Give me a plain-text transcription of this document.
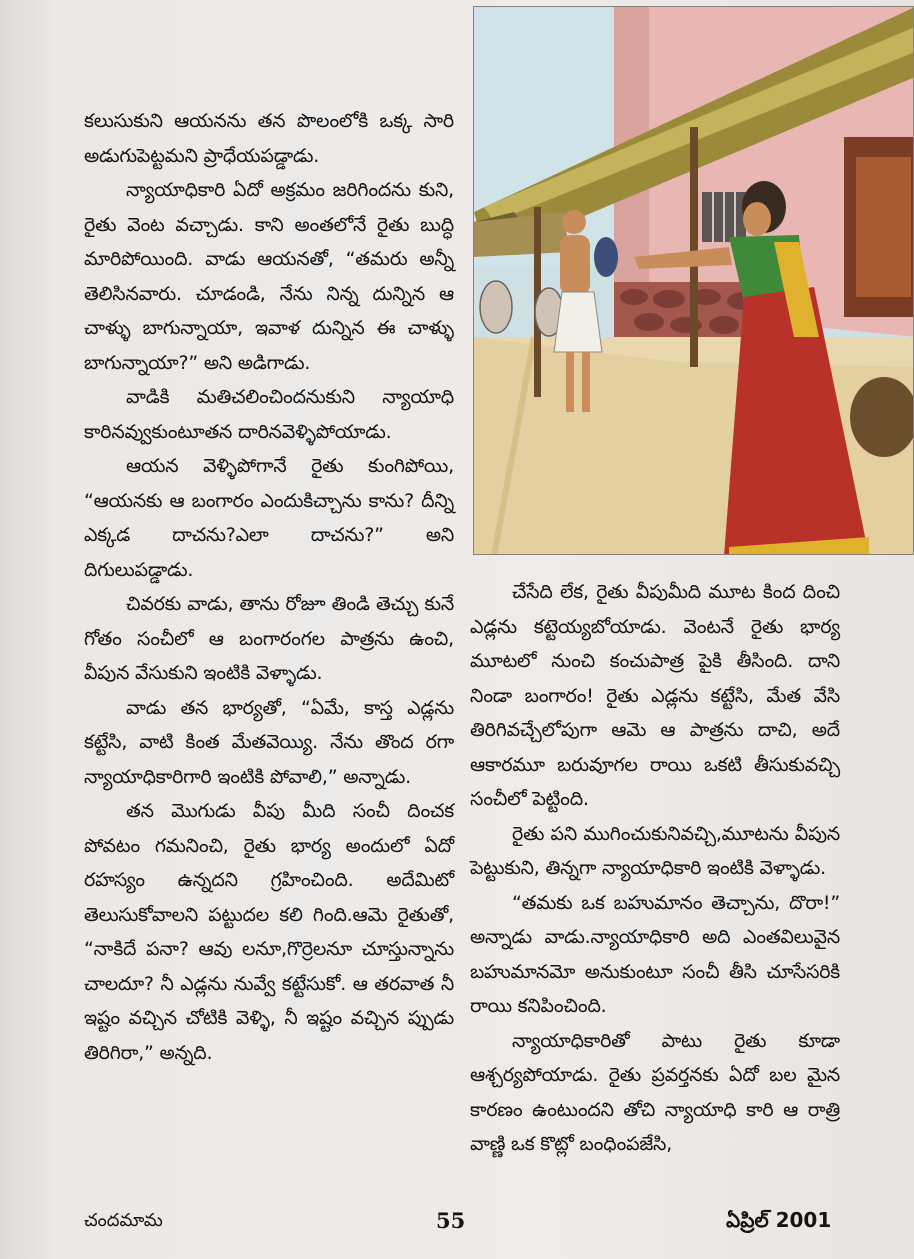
కలుసుకుని ఆయనను తన పొలంలోకి ఒక్క సారి అడుగుపెట్టమని ప్రాధేయపడ్డాడు.

న్యాయాధికారి ఏదో అక్రమం జరిగిందను కుని, రైతు వెంట వచ్చాడు. కాని అంతలోనే రైతు బుద్ధి మారిపోయింది. వాడు ఆయనతో, “తమరు అన్నీ తెలిసినవారు. చూడండి, నేను నిన్న దున్నిన ఆ చాళ్ళు బాగున్నాయా, ఇవాళ దున్నిన ఈ చాళ్ళు బాగున్నాయా?” అని అడిగాడు.

వాడికి మతిచలించిందనుకుని న్యాయాధి కారినవ్వుకుంటూతన దారినవెళ్ళిపోయాడు.

ఆయన వెళ్ళిపోగానే రైతు కుంగిపోయి, “ఆయనకు ఆ బంగారం ఎందుకిచ్చాను కాను? దీన్ని ఎక్కడ దాచను?ఎలా దాచను?” అని దిగులుపడ్డాడు.

చివరకు వాడు, తాను రోజూ తిండి తెచ్చు కునే గోతం సంచీలో ఆ బంగారంగల పాత్రను ఉంచి, వీపున వేసుకుని ఇంటికి వెళ్ళాడు.

వాడు తన భార్యతో, “ఏమే, కాస్త ఎడ్లను కట్టేసి, వాటి కింత మేతవెయ్యి. నేను తొంద రగా న్యాయాధికారిగారి ఇంటికి పోవాలి,” అన్నాడు.

తన మొగుడు వీపు మీది సంచీ దించక పోవటం గమనించి, రైతు భార్య అందులో ఏదో రహస్యం ఉన్నదని గ్రహించింది. అదేమిటో తెలుసుకోవాలని పట్టుదల కలి గింది.ఆమె రైతుతో, “నాకిదే పనా? ఆవు లనూ,గొర్రెలనూ చూస్తున్నాను చాలదూ? నీ ఎడ్లను నువ్వే కట్టేసుకో. ఆ తరవాత నీ ఇష్టం వచ్చిన చోటికి వెళ్ళి, నీ ఇష్టం వచ్చిన ప్పుడు తిరిగిరా,” అన్నది.

చేసేది లేక, రైతు వీపుమీది మూట కింద దించి ఎడ్లను కట్టెయ్యబోయాడు. వెంటనే రైతు భార్య మూటలో నుంచి కంచుపాత్ర పైకి తీసింది. దాని నిండా బంగారం! రైతు ఎడ్లను కట్టేసి, మేత వేసి తిరిగివచ్చేలోపుగా ఆమె ఆ పాత్రను దాచి, అదే ఆకారమూ బరువూగల రాయి ఒకటి తీసుకువచ్చి సంచీలో పెట్టింది.

రైతు పని ముగించుకునివచ్చి,మూటను వీపున పెట్టుకుని, తిన్నగా న్యాయాధికారి ఇంటికి వెళ్ళాడు.

“తమకు ఒక బహుమానం తెచ్చాను, దొరా!” అన్నాడు వాడు.న్యాయాధికారి అది ఎంతవిలువైన బహుమానమో అనుకుంటూ సంచీ తీసి చూసేసరికి రాయి కనిపించింది.

న్యాయాధికారితో పాటు రైతు కూడా ఆశ్చర్యపోయాడు. రైతు ప్రవర్తనకు ఏదో బల మైన కారణం ఉంటుందని తోచి న్యాయాధి కారి ఆ రాత్రి వాణ్ణి ఒక కొట్లో బంధింపజేసి,

చందమామ	55	ఏప్రిల్ 2001
